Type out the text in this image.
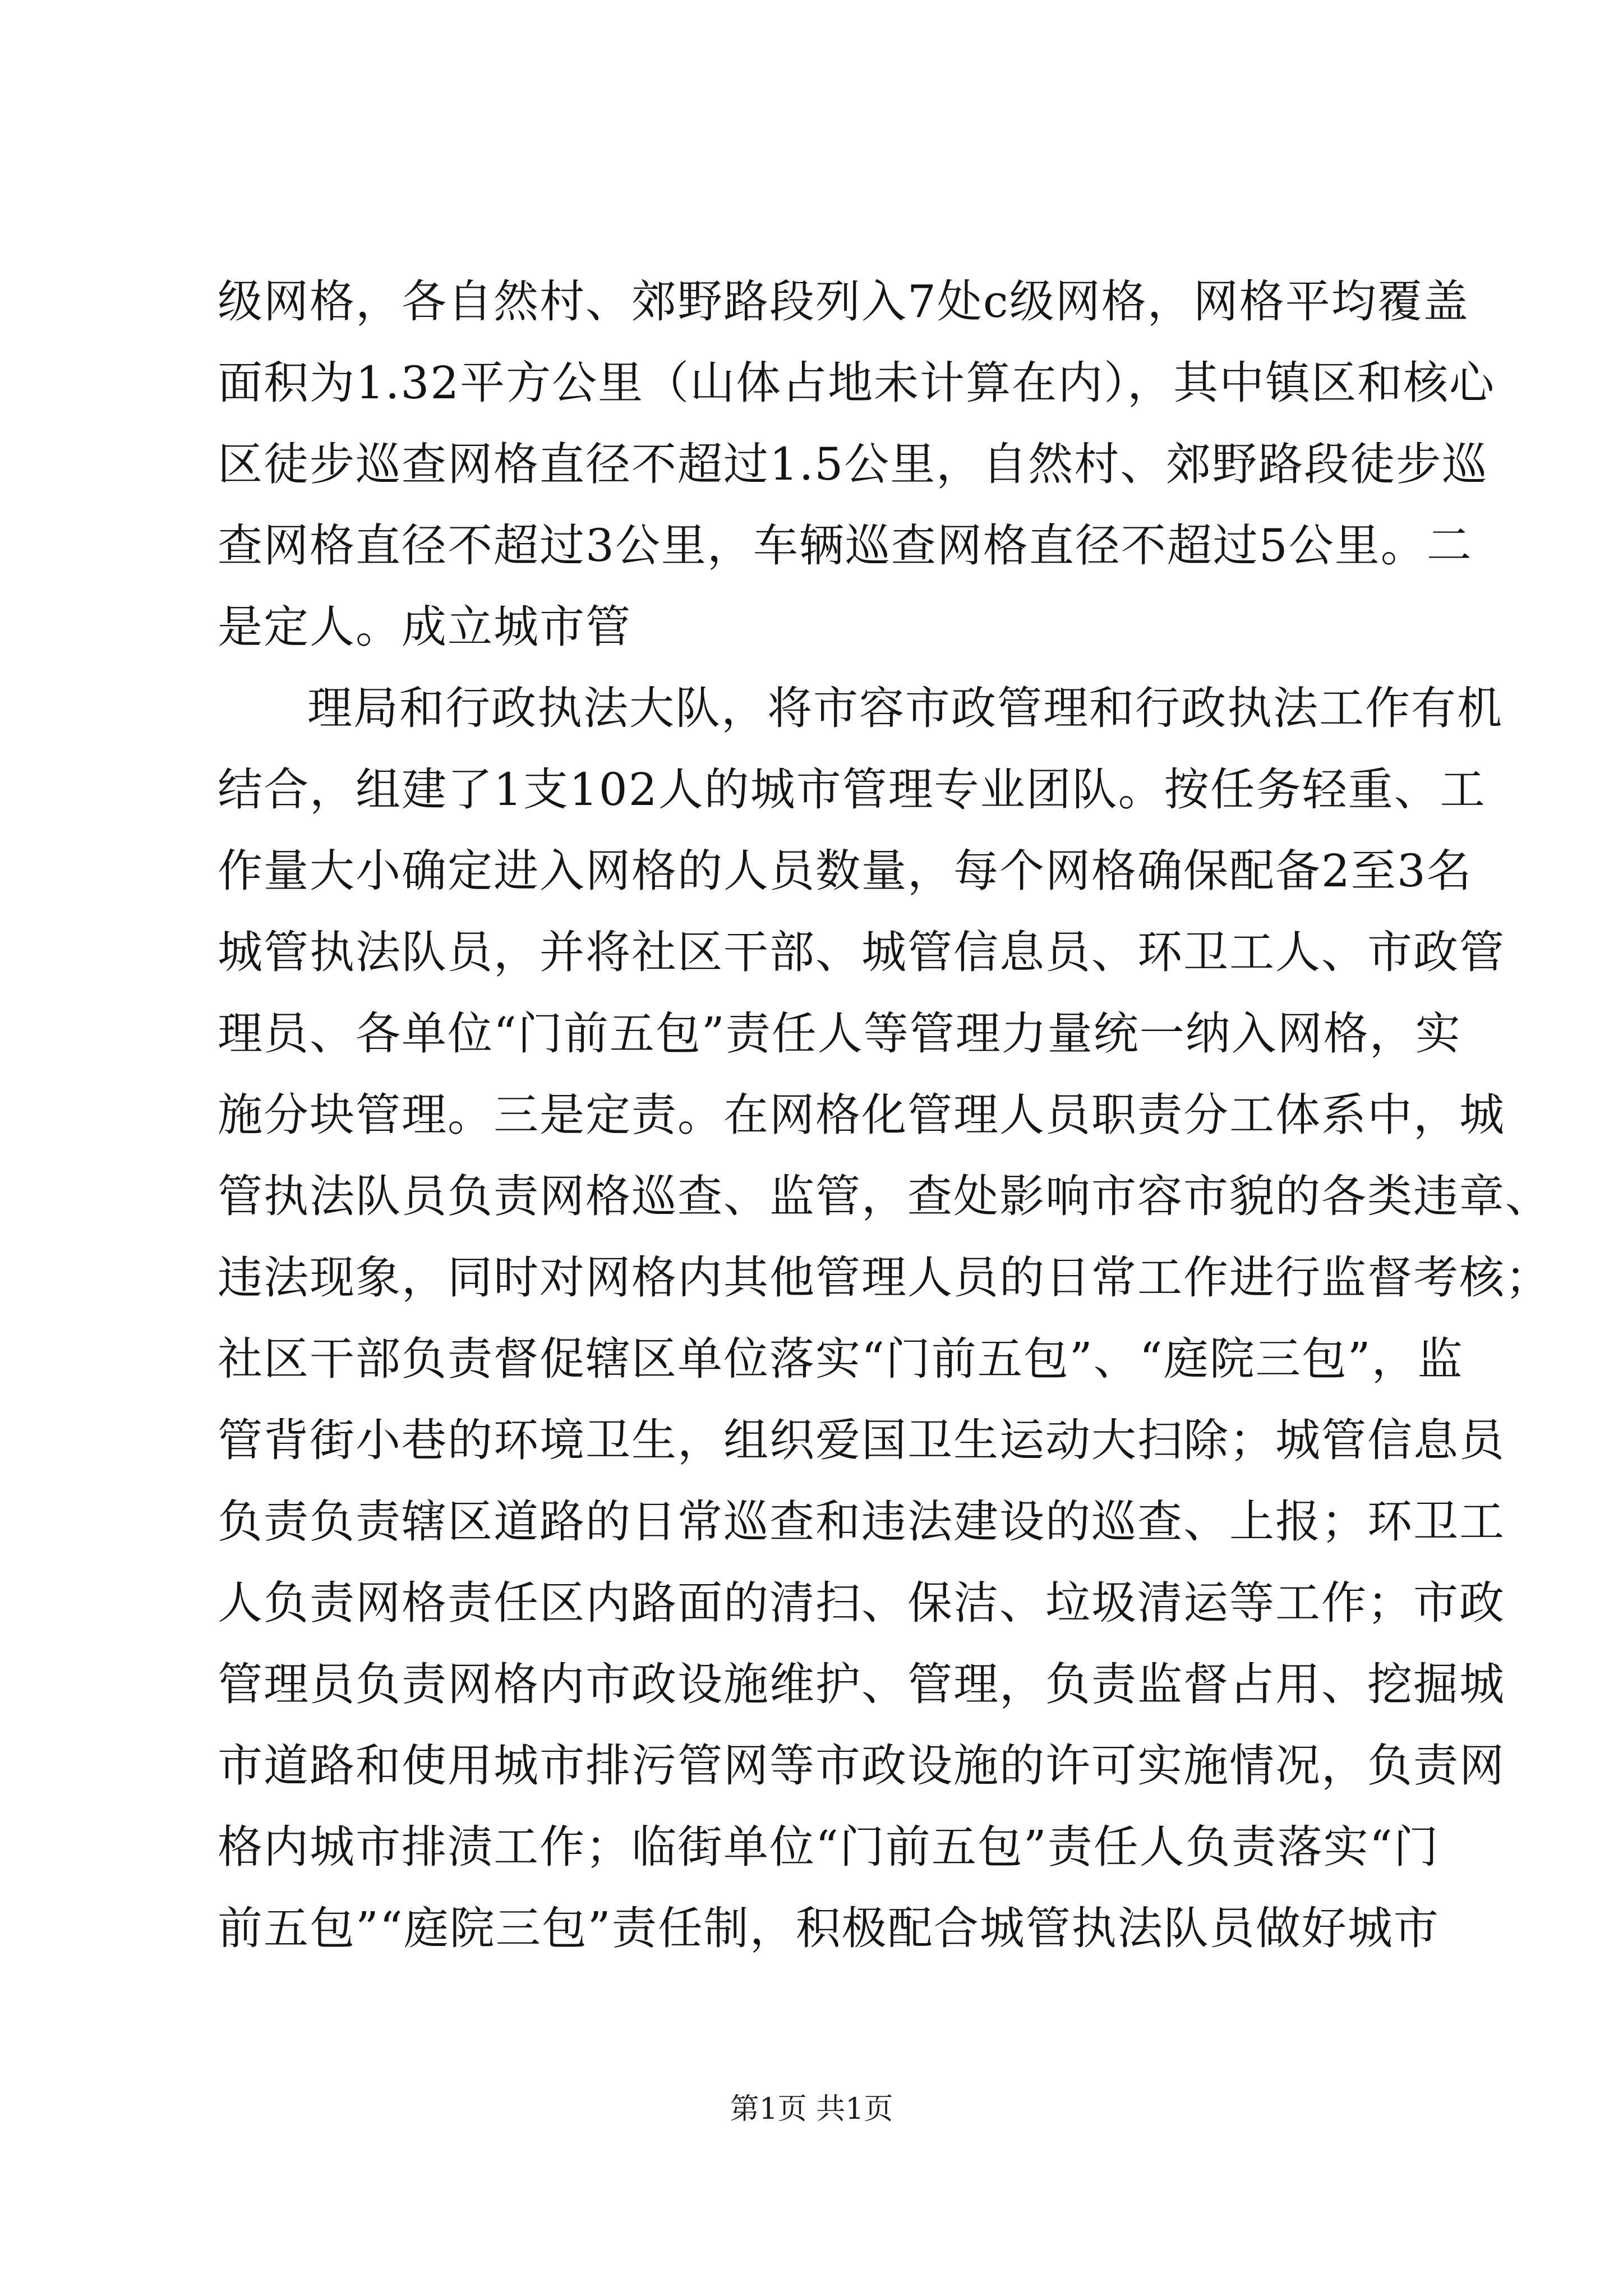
级网格，各自然村、郊野路段列入7处c级网格，网格平均覆盖
面积为1.32平方公里（山体占地未计算在内），其中镇区和核心
区徒步巡查网格直径不超过1.5公里，自然村、郊野路段徒步巡
查网格直径不超过3公里，车辆巡查网格直径不超过5公里。二
是定人。成立城市管
理局和行政执法大队，将市容市政管理和行政执法工作有机
结合，组建了1支102人的城市管理专业团队。按任务轻重、工
作量大小确定进入网格的人员数量，每个网格确保配备2至3名
城管执法队员，并将社区干部、城管信息员、环卫工人、市政管
理员、各单位“门前五包”责任人等管理力量统一纳入网格，实
施分块管理。三是定责。在网格化管理人员职责分工体系中，城
管执法队员负责网格巡查、监管，查处影响市容市貌的各类违章、
违法现象，同时对网格内其他管理人员的日常工作进行监督考核；
社区干部负责督促辖区单位落实“门前五包”、“庭院三包”，监
管背街小巷的环境卫生，组织爱国卫生运动大扫除；城管信息员
负责负责辖区道路的日常巡查和违法建设的巡查、上报；环卫工
人负责网格责任区内路面的清扫、保洁、垃圾清运等工作；市政
管理员负责网格内市政设施维护、管理，负责监督占用、挖掘城
市道路和使用城市排污管网等市政设施的许可实施情况，负责网
格内城市排渍工作；临街单位“门前五包”责任人负责落实“门
前五包”“庭院三包”责任制，积极配合城管执法队员做好城市
第1页 共1页
